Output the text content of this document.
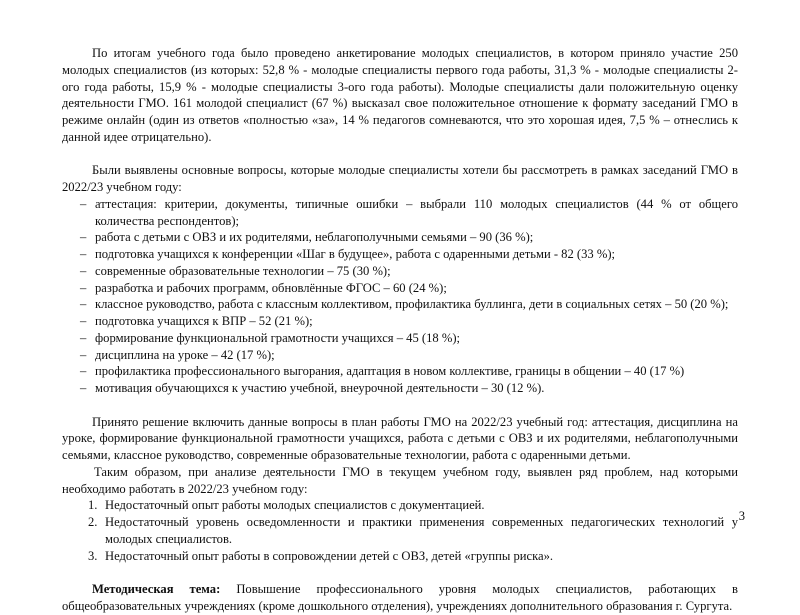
По итогам учебного года было проведено анкетирование молодых специалистов, в котором приняло участие 250 молодых специалистов (из которых: 52,8 % - молодые специалисты первого года работы, 31,3 % - молодые специалисты 2-ого года работы, 15,9 % - молодые специалисты 3-ого года работы). Молодые специалисты дали положительную оценку деятельности ГМО. 161 молодой специалист (67 %) высказал свое положительное отношение к формату заседаний ГМО в режиме онлайн (один из ответов «полностью «за», 14 % педагогов сомневаются, что это хорошая идея, 7,5 % – отнеслись к данной идее отрицательно).

Были выявлены основные вопросы, которые молодые специалисты хотели бы рассмотреть в рамках заседаний ГМО в 2022/23 учебном году:

– аттестация: критерии, документы, типичные ошибки – выбрали 110 молодых специалистов (44 % от общего количества респондентов);
– работа с детьми с ОВЗ и их родителями, неблагополучными семьями – 90 (36 %);
– подготовка учащихся к конференции «Шаг в будущее», работа с одаренными детьми - 82 (33 %);
– современные образовательные технологии – 75 (30 %);
– разработка и рабочих программ, обновлённые ФГОС – 60 (24 %);
– классное руководство, работа с классным коллективом, профилактика буллинга, дети в социальных сетях – 50 (20 %);
– подготовка учащихся к ВПР – 52 (21 %);
– формирование функциональной грамотности учащихся – 45 (18 %);
– дисциплина на уроке – 42 (17 %);
– профилактика профессионального выгорания, адаптация в новом коллективе, границы в общении – 40 (17 %)
– мотивация обучающихся к участию учебной, внеурочной деятельности – 30 (12 %).

Принято решение включить данные вопросы в план работы ГМО на 2022/23 учебный год: аттестация, дисциплина на уроке, формирование функциональной грамотности учащихся, работа с детьми с ОВЗ и их родителями, неблагополучными семьями, классное руководство, современные образовательные технологии, работа с одаренными детьми.

Таким образом, при анализе деятельности ГМО в текущем учебном году, выявлен ряд проблем, над которыми необходимо работать в 2022/23 учебном году:

1. Недостаточный опыт работы молодых специалистов с документацией.
2. Недостаточный уровень осведомленности и практики применения современных педагогических технологий у молодых специалистов.
3. Недостаточный опыт работы в сопровождении детей с ОВЗ, детей «группы риска».

Методическая тема: Повышение профессионального уровня молодых специалистов, работающих в общеобразовательных учреждениях (кроме дошкольного отделения), учреждениях дополнительного образования г. Сургута.

3
